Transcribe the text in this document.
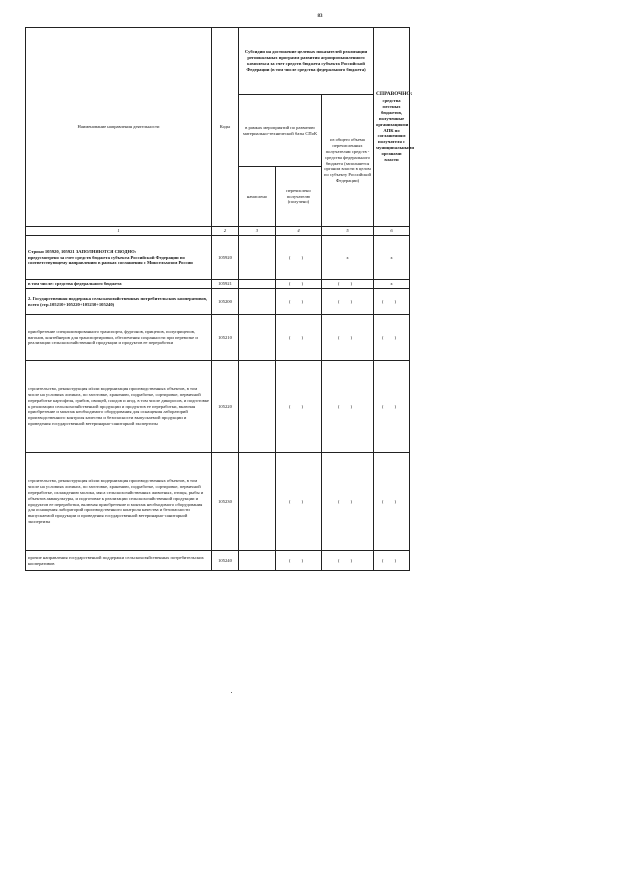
83
Наименование направления деятельности	Коды	Субсидии на достижение целевых показателей реализации региональных программ развития агропромышленного комплекса за счет средств бюджета субъекта Российской Федерации (в том числе средства федерального бюджета)			СПРАВОЧНО:
средства местных бюджетов, полученные организациями АПК по соглашениям получателя с муниципальными органами власти

		в рамках мероприятий по развитию материально-технической базы СПоК		из общего объема перечисленных получателям средств - средства федерального бюджета (заполняется органом власти в целом по субъекту Российской Федерации)	
		начислено	перечислено получателю (получено)		
1	2	3	4	5	6

Строки 105920, 105921 ЗАПОЛНЯЮТСЯ СВОДНО:
предусмотрено за счет средств бюджета субъекта Российской Федерации по соответствующему направлению в рамках соглашения с Минсельхозом России	105920		( )	x	x
в том числе: средства федерального бюджета	105921		( )	( )	x
2. Государственная поддержка сельскохозяйственных потребительских кооперативов, всего (стр.105210+105220+105230+105240)	105200		( )	( )	( )
приобретение специализированного транспорта, фургонов, прицепов, полуприцепов, вагонов, контейнеров для транспортировки, обеспечения сохранности при перевозке и реализации сельскохозяйственной продукции и продуктов ее переработки	105210		( )	( )	( )
строительство, реконструкция и/или модернизация производственных объектов, в том числе на условиях лизинга, по заготовке, хранению, подработке, сортировке, первичной переработке картофеля, грибов, овощей, плодов и ягод, в том числе дикоросов, и подготовке к реализации сельскохозяйственной продукции и продуктов ее переработки, включая приобретение и монтаж необходимого оборудования для оснащения лабораторий производственного контроля качества и безопасности выпускаемой продукции и проведения государственной ветеринарно-санитарной экспертизы	105220		( )	( )	( )
строительство, реконструкция и/или модернизация производственных объектов, в том числе на условиях лизинга, по заготовке, хранению, подработке, сортировке, первичной переработке, охлаждению молока, мяса сельскохозяйственных животных, птицы, рыбы и объектов аквакультуры, и подготовке к реализации сельскохозяйственной продукции и продуктов ее переработки, включая приобретение и монтаж необходимого оборудования для оснащения лабораторий производственного контроля качества и безопасности выпускаемой продукции и проведения государственной ветеринарно-санитарной экспертизы	105230		( )	( )	( )
прочие направления государственной поддержки сельскохозяйственных потребительских кооперативов	105240		( )	( )	( )
